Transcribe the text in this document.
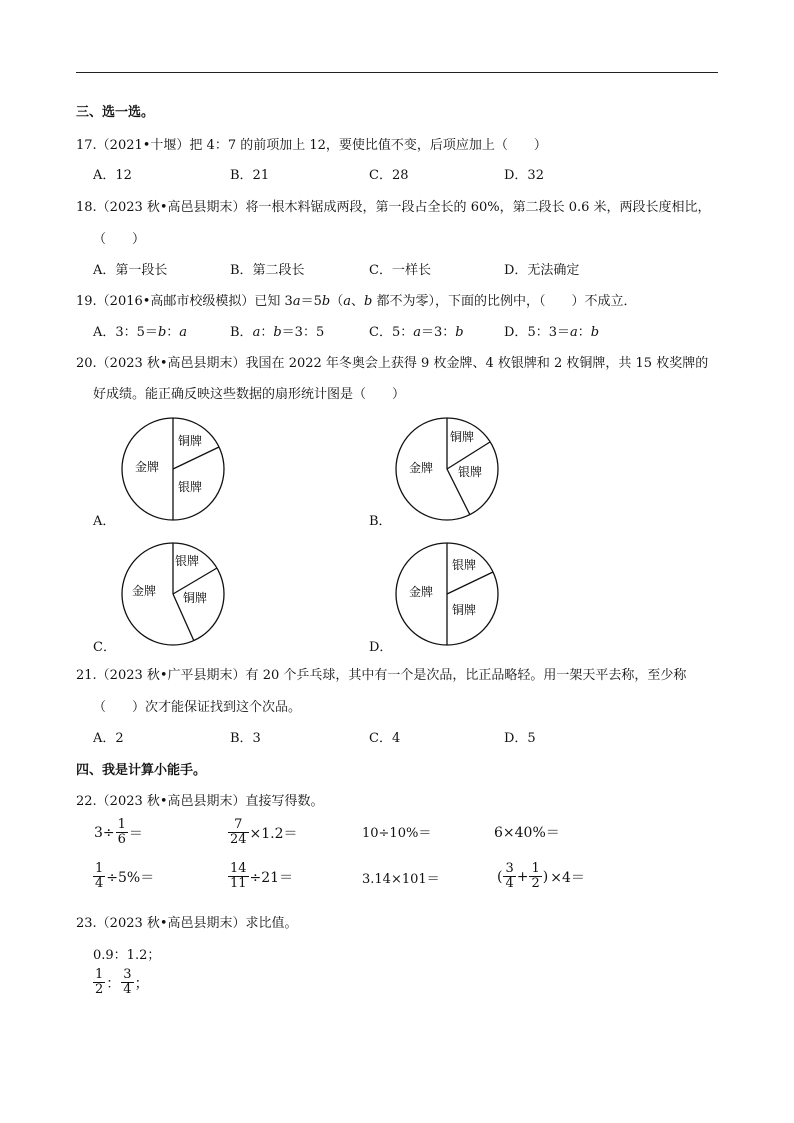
三、选一选。
17.（2021•十堰）把 4：7 的前项加上 12，要使比值不变，后项应加上（　　）
A．12	B．21	C．28	D．32
18.（2023 秋•高邑县期末）将一根木料锯成两段，第一段占全长的 60%，第二段长 0.6 米，两段长度相比，
（　　）
A．第一段长	B．第二段长	C．一样长	D．无法确定
19.（2016•高邮市校级模拟）已知 3a＝5b（a、b 都不为零），下面的比例中，（　　）不成立．
A．3：5＝b：a	B．a：b＝3：5	C．5：a＝3：b	D．5：3＝a：b
20.（2023 秋•高邑县期末）我国在 2022 年冬奥会上获得 9 枚金牌、4 枚银牌和 2 枚铜牌，共 15 枚奖牌的
好成绩。能正确反映这些数据的扇形统计图是（　　）
A．
金牌
铜牌
银牌
B．
金牌
铜牌
银牌
C．
金牌
银牌
铜牌
D．
金牌
银牌
铜牌
21.（2023 秋•广平县期末）有 20 个乒乓球，其中有一个是次品，比正品略轻。用一架天平去称，至少称
（　　）次才能保证找到这个次品。
A．2	B．3	C．4	D．5
四、我是计算小能手。
22.（2023 秋•高邑县期末）直接写得数。
$3\div \frac{1}{6}$ ＝	$\frac{7}{24} \times 1.2=$	10÷10%＝	6×40%＝
$\frac{1}{4} \div 5\%=$	$\frac{14}{11} \div 21=$	3.14×101＝	( $\frac{3}{4} + \frac{1}{2}$ ) ×4＝
23.（2023 秋•高邑县期末）求比值。
0.9：1.2；
$\frac{1}{2}$ ： $\frac{3}{4}$ ；
